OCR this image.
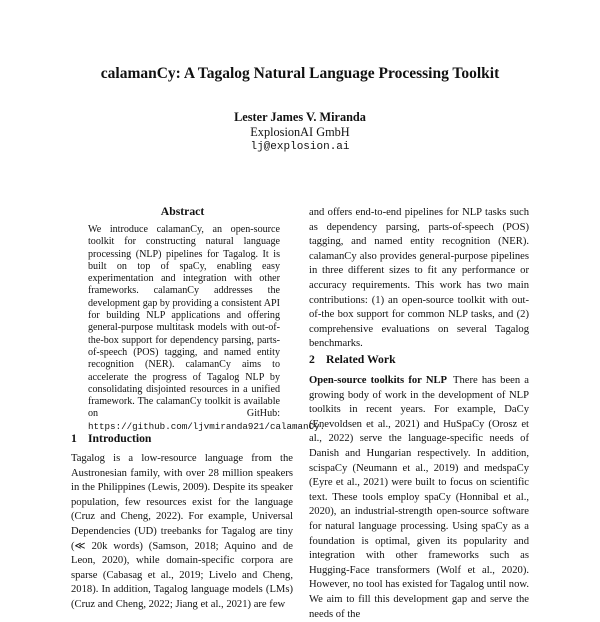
calamanCy: A Tagalog Natural Language Processing Toolkit
Lester James V. Miranda
ExplosionAI GmbH
lj@explosion.ai
Abstract
We introduce calamanCy, an open-source toolkit for constructing natural language processing (NLP) pipelines for Tagalog. It is built on top of spaCy, enabling easy experimentation and integration with other frameworks. calamanCy addresses the development gap by providing a consistent API for building NLP applications and offering general-purpose multitask models with out-of-the-box support for dependency parsing, parts-of-speech (POS) tagging, and named entity recognition (NER). calamanCy aims to accelerate the progress of Tagalog NLP by consolidating disjointed resources in a unified framework. The calamanCy toolkit is available on GitHub: https://github.com/ljvmiranda921/calamanCy.
1 Introduction
Tagalog is a low-resource language from the Austronesian family, with over 28 million speakers in the Philippines (Lewis, 2009). Despite its speaker population, few resources exist for the language (Cruz and Cheng, 2022). For example, Universal Dependencies (UD) treebanks for Tagalog are tiny (≪ 20k words) (Samson, 2018; Aquino and de Leon, 2020), while domain-specific corpora are sparse (Cabasag et al., 2019; Livelo and Cheng, 2018). In addition, Tagalog language models (LMs) (Cruz and Cheng, 2022; Jiang et al., 2021) are few
and offers end-to-end pipelines for NLP tasks such as dependency parsing, parts-of-speech (POS) tagging, and named entity recognition (NER). calamanCy also provides general-purpose pipelines in three different sizes to fit any performance or accuracy requirements. This work has two main contributions: (1) an open-source toolkit with out-of-the box support for common NLP tasks, and (2) comprehensive evaluations on several Tagalog benchmarks.
2 Related Work
Open-source toolkits for NLP There has been a growing body of work in the development of NLP toolkits in recent years. For example, DaCy (Enevoldsen et al., 2021) and HuSpaCy (Orosz et al., 2022) serve the language-specific needs of Danish and Hungarian respectively. In addition, scispaCy (Neumann et al., 2019) and medspaCy (Eyre et al., 2021) were built to focus on scientific text. These tools employ spaCy (Honnibal et al., 2020), an industrial-strength open-source software for natural language processing. Using spaCy as a foundation is optimal, given its popularity and integration with other frameworks such as Hugging-Face transformers (Wolf et al., 2020). However, no tool has existed for Tagalog until now. We aim to fill this development gap and serve the needs of the
